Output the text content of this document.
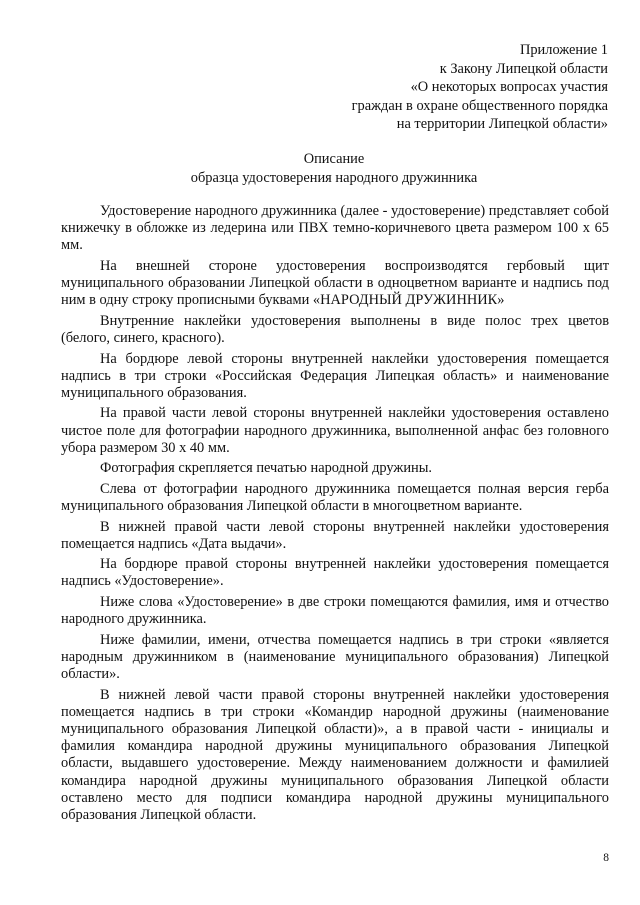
Приложение 1
к Закону Липецкой области
«О некоторых вопросах участия
граждан в охране общественного порядка
на территории Липецкой области»
Описание
образца удостоверения народного дружинника

Удостоверение народного дружинника (далее - удостоверение) представляет собой книжечку в обложке из ледерина или ПВХ темно-коричневого цвета размером 100 х 65 мм.

На внешней стороне удостоверения воспроизводятся гербовый щит муниципального образовании Липецкой области в одноцветном варианте и надпись под ним в одну строку прописными буквами «НАРОДНЫЙ ДРУЖИННИК»

Внутренние наклейки удостоверения выполнены в виде полос трех цветов (белого, синего, красного).

На бордюре левой стороны внутренней наклейки удостоверения помещается надпись в три строки «Российская Федерация Липецкая область» и наименование муниципального образования.

На правой части левой стороны внутренней наклейки удостоверения оставлено чистое поле для фотографии народного дружинника, выполненной анфас без головного убора размером 30 х 40 мм.

Фотография скрепляется печатью народной дружины.

Слева от фотографии народного дружинника помещается полная версия герба муниципального образования Липецкой области в многоцветном варианте.

В нижней правой части левой стороны внутренней наклейки удостоверения помещается надпись «Дата выдачи».

На бордюре правой стороны внутренней наклейки удостоверения помещается надпись «Удостоверение».

Ниже слова «Удостоверение» в две строки помещаются фамилия, имя и отчество народного дружинника.

Ниже фамилии, имени, отчества помещается надпись в три строки «является народным дружинником в (наименование муниципального образования) Липецкой области».

В нижней левой части правой стороны внутренней наклейки удостоверения помещается надпись в три строки «Командир народной дружины (наименование муниципального образования Липецкой области)», а в правой части - инициалы и фамилия командира народной дружины муниципального образования Липецкой области, выдавшего удостоверение. Между наименованием должности и фамилией командира народной дружины муниципального образования Липецкой области оставлено место для подписи командира народной дружины муниципального образования Липецкой области.

8
